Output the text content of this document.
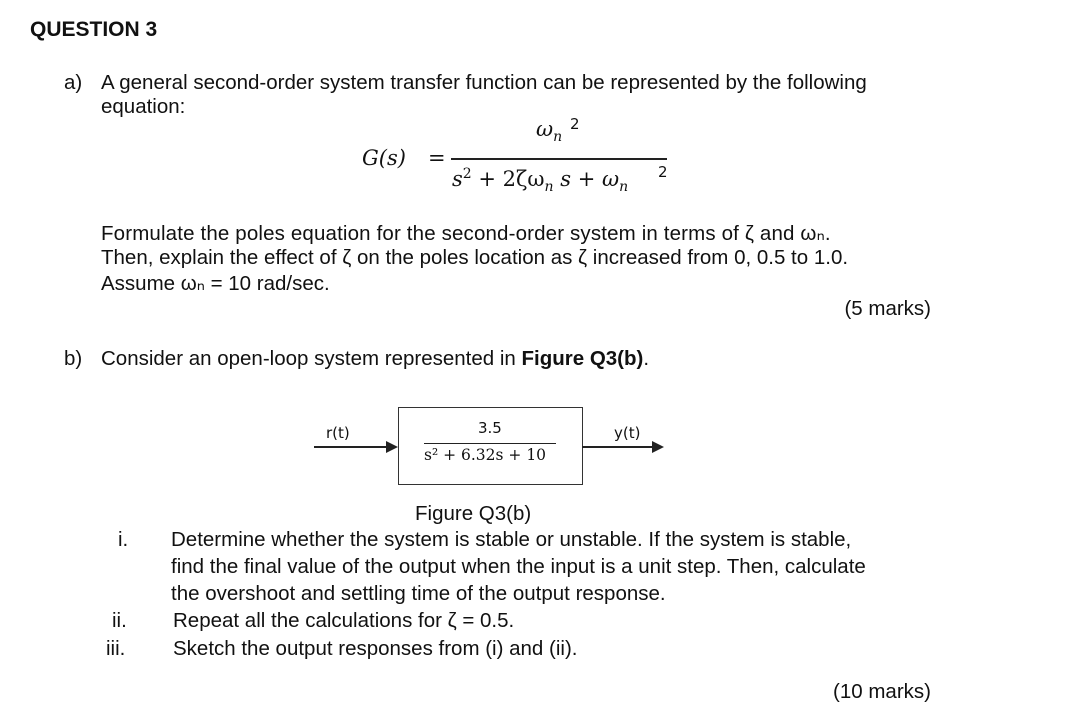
QUESTION 3
a) A general second-order system transfer function can be represented by the following
equation:
G(s) =
$\omega_n$
2
$s^2 + 2\zeta\omega_n$ $s + \omega_n$
2
Formulate the poles equation for the second-order system in terms of ζ and ωₙ.
Then, explain the effect of ζ on the poles location as ζ increased from 0, 0.5 to 1.0.
Assume ωₙ = 10 rad/sec.
(5 marks)
b) Consider an open-loop system represented in Figure Q3(b).
r(t)	3.5
s² + 6.32s + 10
y(t)
Figure Q3(b)
i. Determine whether the system is stable or unstable. If the system is stable,
find the final value of the output when the input is a unit step. Then, calculate
the overshoot and settling time of the output response.
ii. Repeat all the calculations for ζ = 0.5.
iii. Sketch the output responses from (i) and (ii).
(10 marks)
